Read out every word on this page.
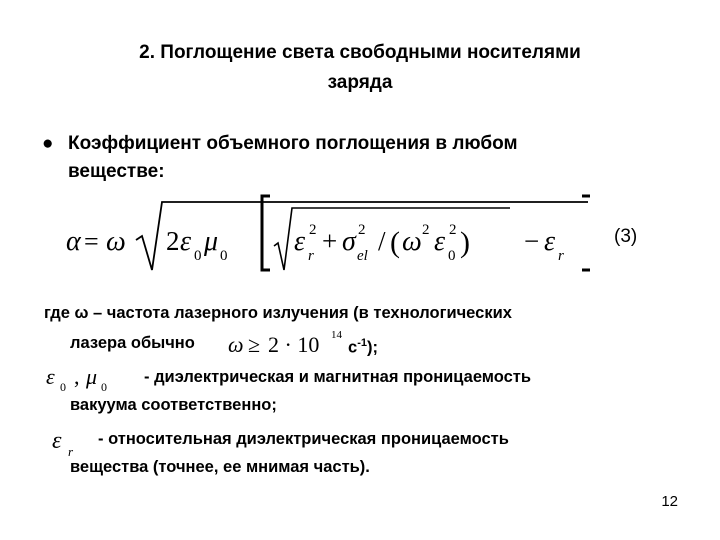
2. Поглощение света свободными носителями
заряда
● Коэффициент объемного поглощения в любом
веществе:
α = ω 2 ε 0 μ 0 ε r
2 + σ el
2 / ( ω 2 ε 0
2 ) − ε r
(3)
где ω – частота лазерного излучения (в технологических
лазера обычно ω ≥ 2 · 10 14
$с^{-1}$);
ε 0 , μ 0
- диэлектрическая и магнитная проницаемость
вакуума соответственно;
ε r
- относительная диэлектрическая проницаемость
вещества (точнее, ее мнимая часть).
12
